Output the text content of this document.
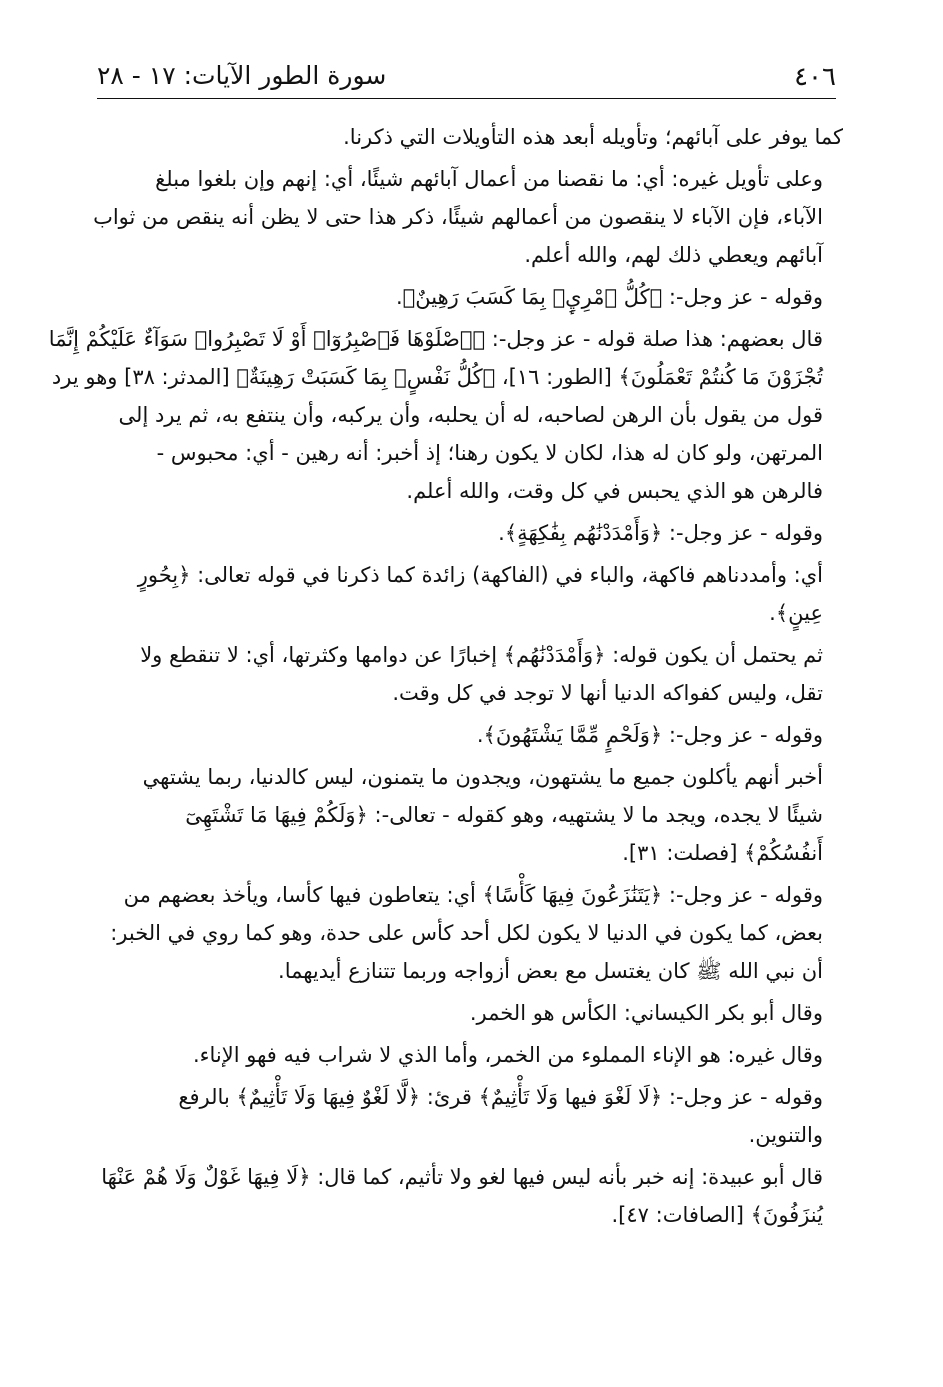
٤٠٦
سورة الطور الآيات: ١٧ - ٢٨

كما يوفر على آبائهم؛ وتأويله أبعد هذه التأويلات التي ذكرنا.

وعلى تأويل غيره: أي: ما نقصنا من أعمال آبائهم شيئًا، أي: إنهم وإن بلغوا مبلغ
الآباء، فإن الآباء لا ينقصون من أعمالهم شيئًا، ذكر هذا حتى لا يظن أنه ينقص من ثواب
آبائهم ويعطي ذلك لهم، والله أعلم.

وقوله - عز وجل-: ﴿كُلُّ ٱمْرِيِٕۭ بِمَا كَسَبَ رَهِينٌ﴾.

قال بعضهم: هذا صلة قوله - عز وجل-: ﴿ٱصْلَوْهَا فَٱصْبِرُوٓا۟ أَوْ لَا تَصْبِرُوا۟ سَوَآءٌ عَلَيْكُمْ إِنَّمَا
تُجْزَوْنَ مَا كُنتُمْ تَعْمَلُونَ﴾ [الطور: ١٦]، ﴿كُلُّ نَفْسٍۭ بِمَا كَسَبَتْ رَهِينَةٌ﴾ [المدثر: ٣٨] وهو يرد
قول من يقول بأن الرهن لصاحبه، له أن يحلبه، وأن يركبه، وأن ينتفع به، ثم يرد إلى
المرتهن، ولو كان له هذا، لكان لا يكون رهنا؛ إذ أخبر: أنه رهين - أي: محبوس -
فالرهن هو الذي يحبس في كل وقت، والله أعلم.

وقوله - عز وجل-: ﴿وَأَمْدَدْنَٰهُم بِفَٰكِهَةٍ﴾.

أي: وأمددناهم فاكهة، والباء في (الفاكهة) زائدة كما ذكرنا في قوله تعالى: ﴿بِحُورٍ
عِينٍ﴾.

ثم يحتمل أن يكون قوله: ﴿وَأَمْدَدْنَٰهُم﴾ إخبارًا عن دوامها وكثرتها، أي: لا تنقطع ولا
تقل، وليس كفواكه الدنيا أنها لا توجد في كل وقت.

وقوله - عز وجل-: ﴿وَلَحْمٍ مِّمَّا يَشْتَهُونَ﴾.

أخبر أنهم يأكلون جميع ما يشتهون، ويجدون ما يتمنون، ليس كالدنيا، ربما يشتهي
شيئًا لا يجده، ويجد ما لا يشتهيه، وهو كقوله - تعالى-: ﴿وَلَكُمْ فِيهَا مَا تَشْتَهِىٓ
أَنفُسُكُمْ﴾ [فصلت: ٣١].

وقوله - عز وجل-: ﴿يَتَنَٰزَعُونَ فِيهَا كَأْسًا﴾ أي: يتعاطون فيها كأسا، ويأخذ بعضهم من
بعض، كما يكون في الدنيا لا يكون لكل أحد كأس على حدة، وهو كما روي في الخبر:
أن نبي الله ﷺ كان يغتسل مع بعض أزواجه وربما تتنازع أيديهما.

وقال أبو بكر الكيساني: الكأس هو الخمر.

وقال غيره: هو الإناء المملوء من الخمر، وأما الذي لا شراب فيه فهو الإناء.

وقوله - عز وجل-: ﴿لَا لَغْوَ فيها وَلَا تَأْثِيمٌ﴾ قرئ: ﴿لَّا لَغْوٌ فِيهَا وَلَا تَأْثِيمٌ﴾ بالرفع
والتنوين.

قال أبو عبيدة: إنه خبر بأنه ليس فيها لغو ولا تأثيم، كما قال: ﴿لَا فِيهَا غَوْلٌ وَلَا هُمْ عَنْهَا
يُنزَفُونَ﴾ [الصافات: ٤٧].
